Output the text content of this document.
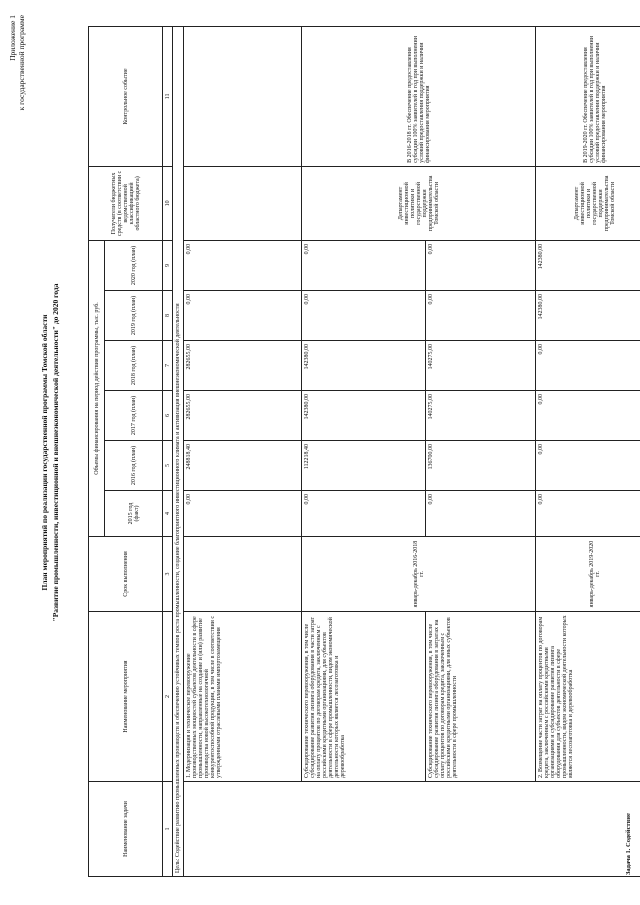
Приложение 1 к государственной программе
План мероприятий по реализации государственной программы Томской области "Развитие промышленности, инвестиционной и внешнеэкономической деятельности" до 2020 года
Наименование задачи	Наименование мероприятия	Срок выполнения	Объемы финансирования на период действия программы, тыс. руб.						Получатели бюджетных средств (в соответствии с ведомственной классификацией областного бюджета)	Контрольное событие
			2015 год (факт)	2016 год (план)	2017 год (план)	2018 год (план)	2019 год (план)	2020 год (план)		
1	2	3	4	5	6	7	8	9	10	11
Цель: Содействие развитию промышленных производств и обеспечению устойчивых темпов роста промышленности, создание благоприятного инвестиционного климата и активизация внешнеэкономической деятельности										
	1. Модернизация и техническое перевооружение производственных мощностей субъектов деятельности в сфере промышленности, направленные на создание и (или) развитие производства новой высокотехнологичной конкурентоспособной продукции, в том числе в соответствии с утвержденными отраслевыми планами импортозамещения		0,00	248818,40	282655,00	282655,00	0,00	0,00		
	Субсидирование технического перевооружения, в том числе субсидирование развития лизинга оборудования в части затрат на оплату процентов по договорам кредита, заключенным с российскими кредитными организациями, для субъектов деятельности в сфере промышленности, видом экономической деятельности которых является лесозаготовка и деревообработка	январь-декабрь 2016-2018 гг.	0,00	112218,40	142380,00	142380,00	0,00	0,00	Департамент инвестиционной политики и государственной поддержки предпринимательства Томской области	В 2016-2018 гг. Обеспечение предоставления субсидии 100% заявителей в год при выполнении условий предоставления поддержки и наличии финансирования мероприятия
	Субсидирование технического перевооружения, в том числе субсидирование развития лизинга оборудования в затратах на оплату процентов по договорам кредита, заключенным с российскими кредитными организациями, для иных субъектов деятельности в сфере промышленности		0,00	136700,00	140275,00	140275,00	0,00	0,00		
	2. Возмещение части затрат на оплату процентов по договорам кредита, заключенным с российскими кредитными организациями и субсидирование развития лизинга оборудования для субъектов деятельности в сфере промышленности, видом экономической деятельности которых является лесозаготовка и деревообработка	январь-декабрь 2019-2020 гг.	0,00	0,00	0,00	0,00	142380,00	142380,00	Департамент инвестиционной политики и государственной поддержки предпринимательства Томской области	В 2019-2020 гг. Обеспечение предоставления субсидии 100% заявителей в год при выполнении условий предоставления поддержки и наличии финансирования мероприятия
Задача 1. Содействие
